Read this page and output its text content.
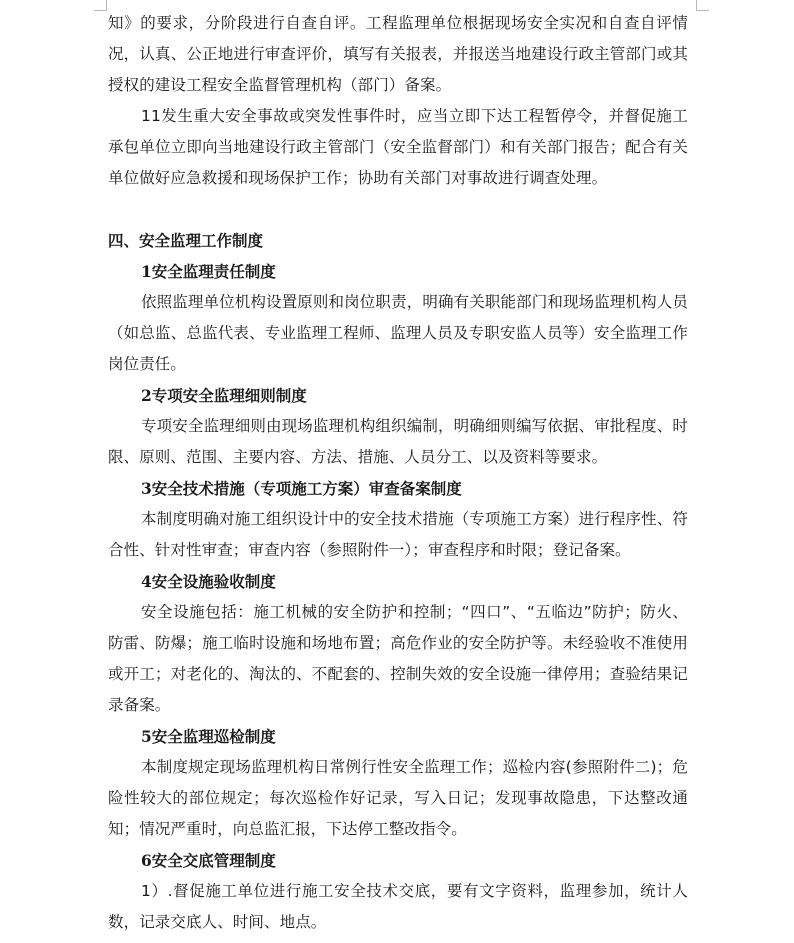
知》的要求，分阶段进行自查自评。工程监理单位根据现场安全实况和自查自评情况，认真、公正地进行审查评价，填写有关报表，并报送当地建设行政主管部门或其授权的建设工程安全监督管理机构（部门）备案。

11发生重大安全事故或突发性事件时，应当立即下达工程暂停令，并督促施工承包单位立即向当地建设行政主管部门（安全监督部门）和有关部门报告；配合有关单位做好应急救援和现场保护工作；协助有关部门对事故进行调查处理。

四、安全监理工作制度

1安全监理责任制度

依照监理单位机构设置原则和岗位职责，明确有关职能部门和现场监理机构人员（如总监、总监代表、专业监理工程师、监理人员及专职安监人员等）安全监理工作岗位责任。

2专项安全监理细则制度

专项安全监理细则由现场监理机构组织编制，明确细则编写依据、审批程度、时限、原则、范围、主要内容、方法、措施、人员分工、以及资料等要求。

3安全技术措施（专项施工方案）审查备案制度

本制度明确对施工组织设计中的安全技术措施（专项施工方案）进行程序性、符合性、针对性审查；审查内容（参照附件一）；审查程序和时限；登记备案。

4安全设施验收制度

安全设施包括：施工机械的安全防护和控制；“四口”、“五临边”防护；防火、防雷、防爆；施工临时设施和场地布置；高危作业的安全防护等。未经验收不准使用或开工；对老化的、淘汰的、不配套的、控制失效的安全设施一律停用；查验结果记录备案。

5安全监理巡检制度

本制度规定现场监理机构日常例行性安全监理工作；巡检内容(参照附件二)；危险性较大的部位规定；每次巡检作好记录，写入日记；发现事故隐患，下达整改通知；情况严重时，向总监汇报，下达停工整改指令。

6安全交底管理制度

1）.督促施工单位进行施工安全技术交底，要有文字资料，监理参加，统计人数，记录交底人、时间、地点。
